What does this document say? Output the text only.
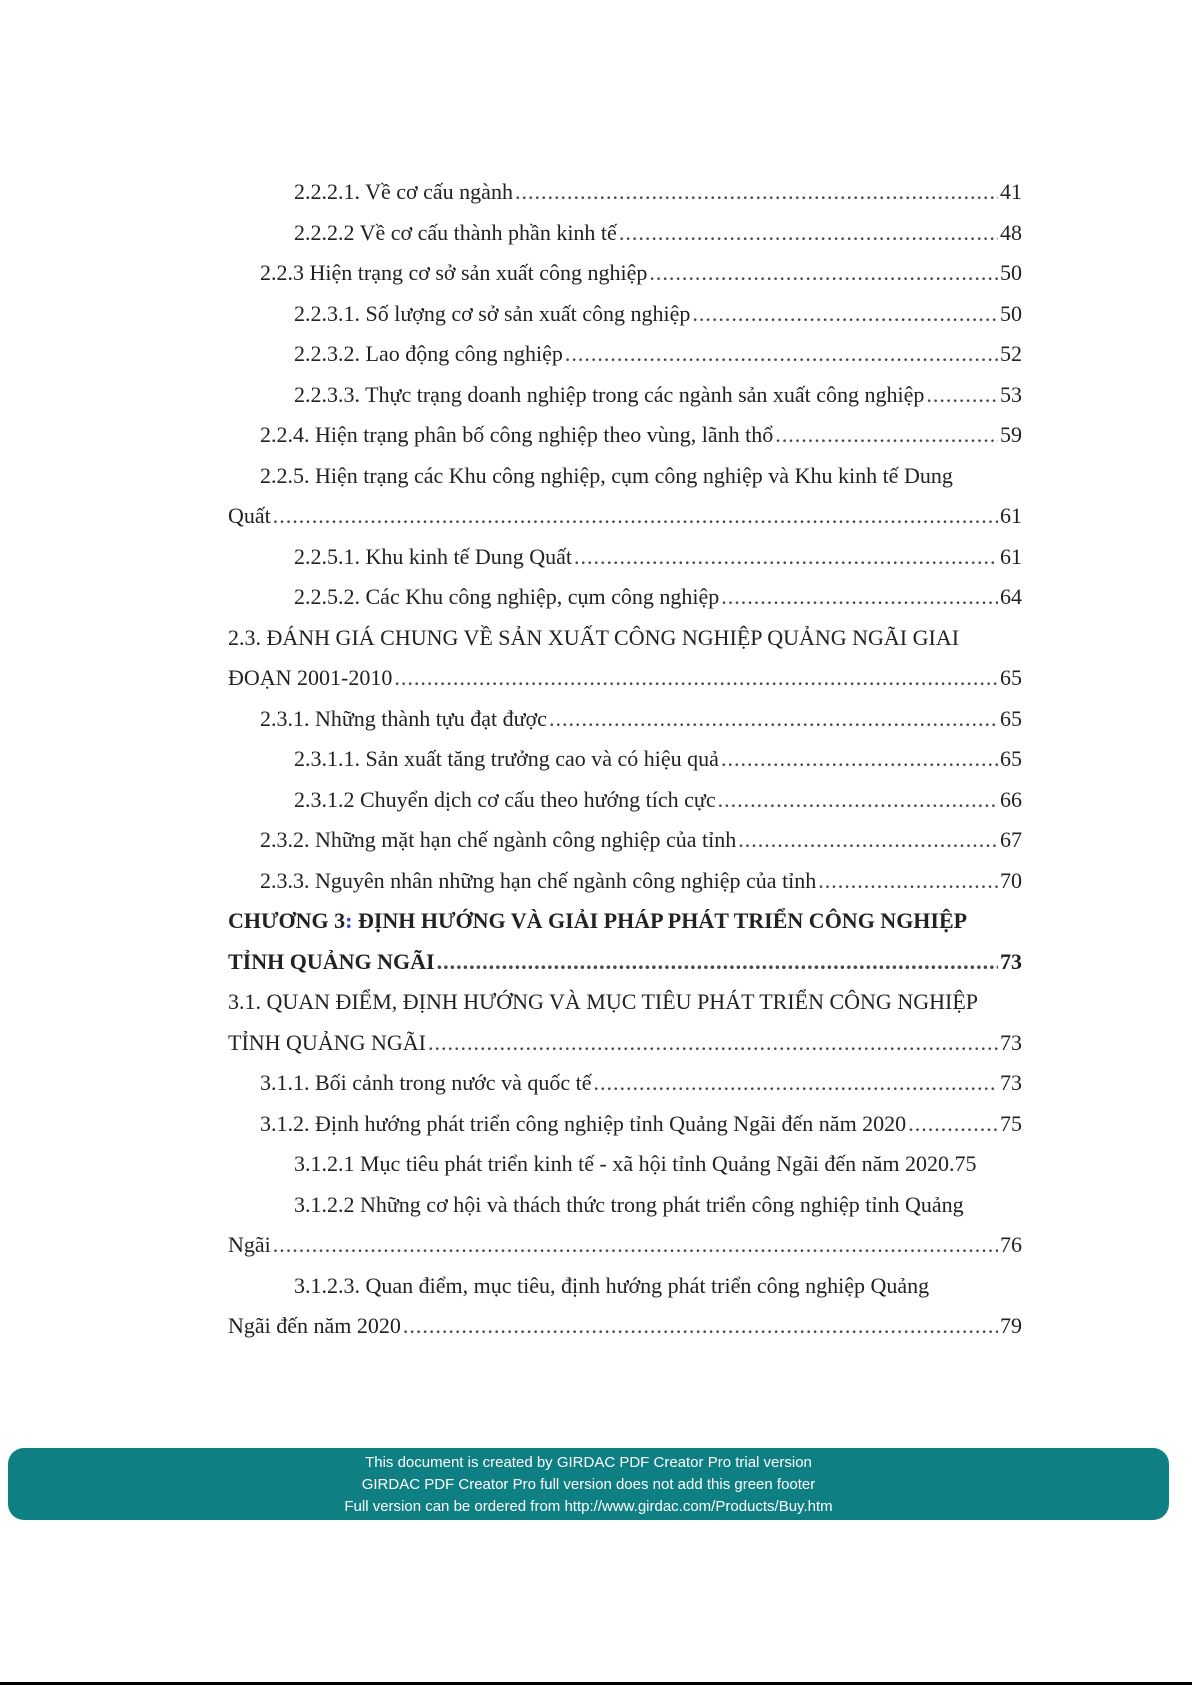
2.2.2.1. Về cơ cấu ngành .....	41
2.2.2.2 Về cơ cấu thành phần kinh tế .....	48
2.2.3 Hiện trạng cơ sở sản xuất công nghiệp .....	50
2.2.3.1. Số lượng cơ sở sản xuất công nghiệp .....	50
2.2.3.2. Lao động công nghiệp .....	52
2.2.3.3. Thực trạng doanh nghiệp trong các ngành sản xuất công nghiệp .....	53
2.2.4. Hiện trạng phân bố công nghiệp theo vùng, lãnh thổ .....	59
2.2.5. Hiện trạng các Khu công nghiệp, cụm công nghiệp và Khu kinh tế Dung
Quất .....	61
2.2.5.1. Khu kinh tế Dung Quất .....	61
2.2.5.2. Các Khu công nghiệp, cụm công nghiệp .....	64
2.3. ĐÁNH GIÁ CHUNG VỀ SẢN XUẤT CÔNG NGHIỆP QUẢNG NGÃI GIAI
ĐOẠN 2001-2010 .....	65
2.3.1. Những thành tựu đạt được .....	65
2.3.1.1. Sản xuất tăng trưởng cao và có hiệu quả .....	65
2.3.1.2 Chuyển dịch cơ cấu theo hướng tích cực .....	66
2.3.2. Những mặt hạn chế ngành công nghiệp của tỉnh .....	67
2.3.3. Nguyên nhân những hạn chế ngành công nghiệp của tỉnh .....	70
CHƯƠNG 3: ĐỊNH HƯỚNG VÀ GIẢI PHÁP PHÁT TRIỂN CÔNG NGHIỆP
TỈNH QUẢNG NGÃI .....	73
3.1. QUAN ĐIỂM, ĐỊNH HƯỚNG VÀ MỤC TIÊU PHÁT TRIỂN CÔNG NGHIỆP
TỈNH QUẢNG NGÃI .....	73
3.1.1. Bối cảnh trong nước và quốc tế .....	73
3.1.2. Định hướng phát triển công nghiệp tỉnh Quảng Ngãi đến năm 2020 .....	75
3.1.2.1 Mục tiêu phát triển kinh tế - xã hội tỉnh Quảng Ngãi đến năm 2020. 75
3.1.2.2 Những cơ hội và thách thức trong phát triển công nghiệp tỉnh Quảng
Ngãi .....	76
3.1.2.3. Quan điểm, mục tiêu, định hướng phát triển công nghiệp Quảng
Ngãi đến năm 2020 .....	79
This document is created by GIRDAC PDF Creator Pro trial version
GIRDAC PDF Creator Pro full version does not add this green footer
Full version can be ordered from http://www.girdac.com/Products/Buy.htm
